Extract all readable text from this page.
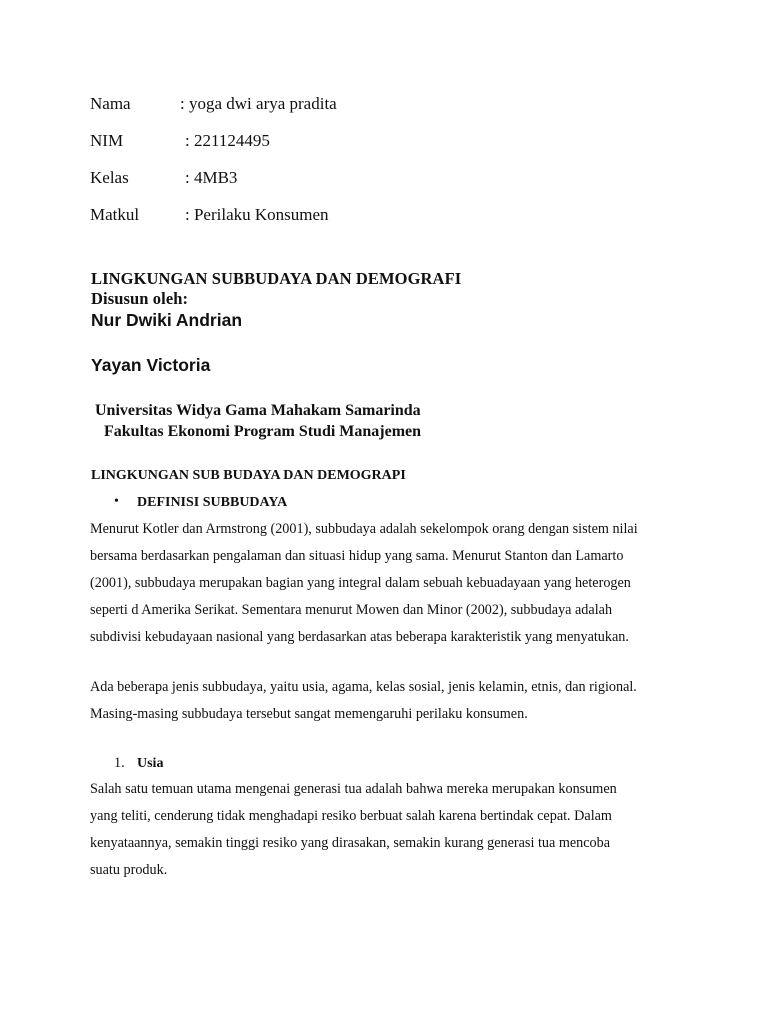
Nama	: yoga dwi arya pradita
NIM	: 221124495
Kelas	: 4MB3
Matkul	: Perilaku Konsumen
LINGKUNGAN SUBBUDAYA DAN DEMOGRAFI
Disusun oleh:
Nur Dwiki Andrian
Yayan Victoria
Universitas Widya Gama Mahakam Samarinda
Fakultas Ekonomi Program Studi Manajemen
LINGKUNGAN SUB BUDAYA DAN DEMOGRAPI
• DEFINISI SUBBUDAYA
Menurut Kotler dan Armstrong (2001), subbudaya adalah sekelompok orang dengan sistem nilai
bersama berdasarkan pengalaman dan situasi hidup yang sama. Menurut Stanton dan Lamarto
(2001), subbudaya merupakan bagian yang integral dalam sebuah kebuadayaan yang heterogen
seperti d Amerika Serikat. Sementara menurut Mowen dan Minor (2002), subbudaya adalah
subdivisi kebudayaan nasional yang berdasarkan atas beberapa karakteristik yang menyatukan.
Ada beberapa jenis subbudaya, yaitu usia, agama, kelas sosial, jenis kelamin, etnis, dan rigional.
Masing-masing subbudaya tersebut sangat memengaruhi perilaku konsumen.
1. Usia
Salah satu temuan utama mengenai generasi tua adalah bahwa mereka merupakan konsumen
yang teliti, cenderung tidak menghadapi resiko berbuat salah karena bertindak cepat. Dalam
kenyataannya, semakin tinggi resiko yang dirasakan, semakin kurang generasi tua mencoba
suatu produk.
